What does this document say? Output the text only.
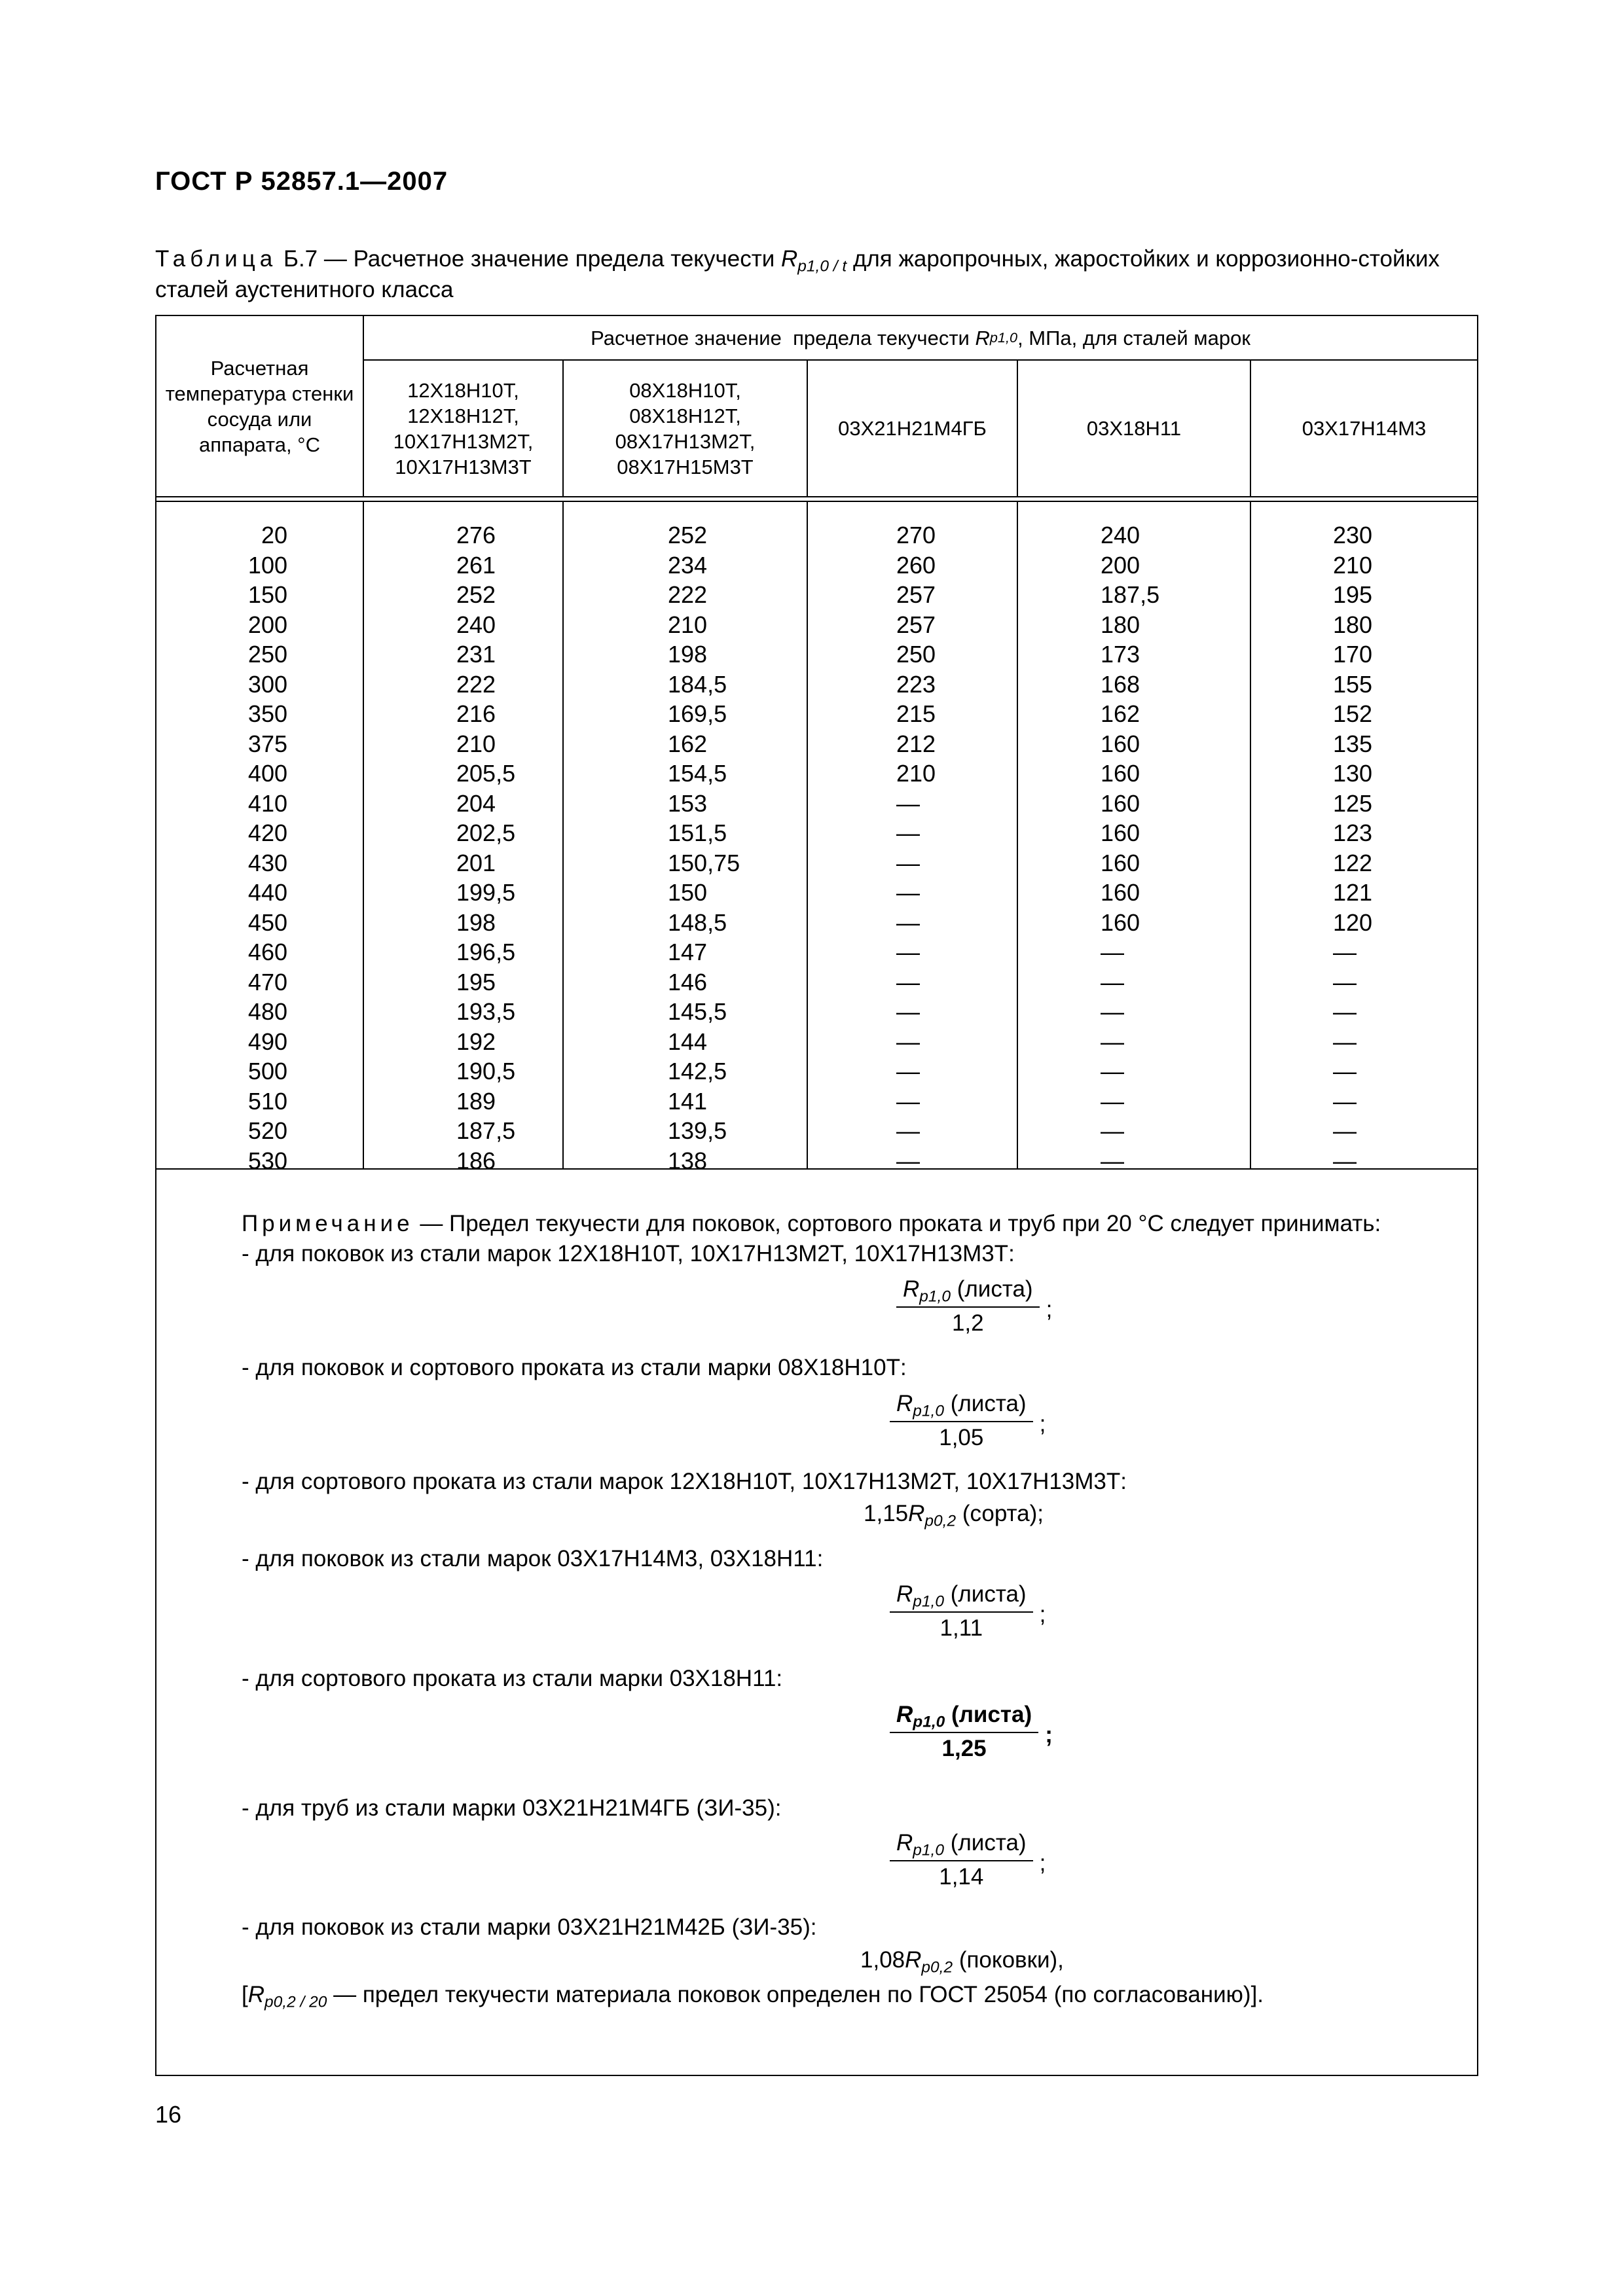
ГОСТ Р 52857.1—2007
Таблица Б.7 — Расчетное значение предела текучести $R_{p1,0 / t}$ для жаропрочных, жаростойких и коррозионно-стойких сталей аустенитного класса
Расчетная температура стенки сосуда или аппарата, °С
Расчетное значение  предела текучести R p1,0 , МПа, для сталей марок
12Х18Н10Т, 12Х18Н12Т, 10Х17Н13М2Т, 10Х17Н13М3Т
08Х18Н10Т, 08Х18Н12Т, 08Х17Н13М2Т, 08Х17Н15М3Т
03Х21Н21М4ГБ	03Х18Н11	03Х17Н14М3
20
100
150
200
250
300
350
375
400
410
420
430
440
450
460
470
480
490
500
510
520
530
276
261
252
240
231
222
216
210
205,5
204
202,5
201
199,5
198
196,5
195
193,5
192
190,5
189
187,5
186
252
234
222
210
198
184,5
169,5
162
154,5
153
151,5
150,75
150
148,5
147
146
145,5
144
142,5
141
139,5
138
270
260
257
257
250
223
215
212
210
—
—
—
—
—
—
—
—
—
—
—
—
—
240
200
187,5
180
173
168
162
160
160
160
160
160
160
160
—
—
—
—
—
—
—
—
230
210
195
180
170
155
152
135
130
125
123
122
121
120
—
—
—
—
—
—
—
—
Примечание — Предел текучести для поковок, сортового проката и труб при 20 °С следует принимать:
- для поковок из стали марок 12Х18Н10Т, 10Х17Н13М2Т, 10Х17Н13М3Т:
$\frac{R_{p1,0} (листа)}{1,2}$ ;
- для поковок и сортового проката из стали марки 08Х18Н10Т:
$\frac{R_{p1,0} (листа)}{1,05}$ ;
- для сортового проката из стали марок 12Х18Н10Т, 10Х17Н13М2Т, 10Х17Н13М3Т:
$1,15R_{p0,2}$ (сорта);
- для поковок из стали марок 03Х17Н14М3, 03Х18Н11:
$\frac{R_{p1,0} (листа)}{1,11}$ ;
- для сортового проката из стали марки 03Х18Н11:
$\frac{R_{p1,0} (листа)}{1,25}$ ;
- для труб из стали марки 03Х21Н21М4ГБ (ЗИ-35):
$\frac{R_{p1,0} (листа)}{1,14}$ ;
- для поковок из стали марки 03Х21Н21М42Б (ЗИ-35):
$1,08R_{p0,2}$ (поковки),
[$R_{p0,2 / 20}$ — предел текучести материала поковок определен по ГОСТ 25054 (по согласованию)].
16
